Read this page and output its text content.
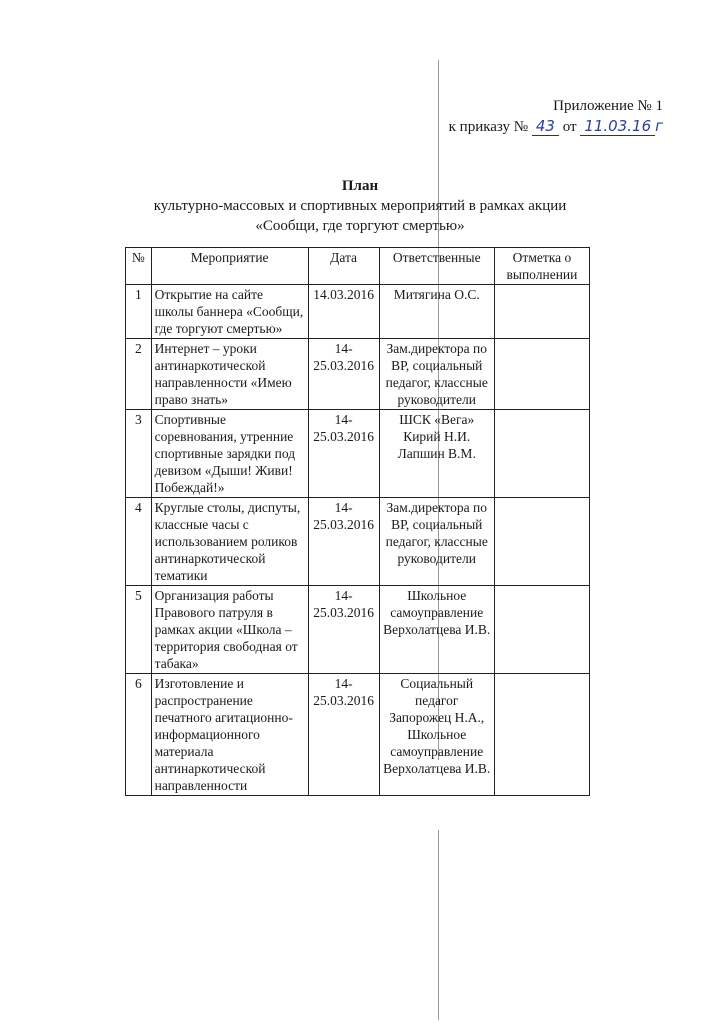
Приложение № 1
к приказу № 43 от 11.03.16 г
План
культурно-массовых и спортивных мероприятий в рамках акции
«Сообщи, где торгуют смертью»
№	Мероприятие	Дата	Ответственные	Отметка о выполнении
1	Открытие на сайте школы баннера «Сообщи, где торгуют смертью»	14.03.2016	Митягина О.С.	
2	Интернет – уроки антинаркотической направленности «Имею право знать»	14-25.03.2016	Зам.директора по ВР, социальный педагог, классные руководители	
3	Спортивные соревнования, утренние спортивные зарядки под девизом «Дыши! Живи! Побеждай!»	14-25.03.2016	ШСК «Вега» Кирий Н.И. Лапшин В.М.	
4	Круглые столы, диспуты, классные часы с использованием роликов антинаркотической тематики	14-25.03.2016	Зам.директора по ВР, социальный педагог, классные руководители	
5	Организация работы Правового патруля в рамках акции «Школа – территория свободная от табака»	14-25.03.2016	Школьное самоуправление Верхолатцева И.В.	
6	Изготовление и распространение печатного агитационно-информационного материала антинаркотической направленности	14-25.03.2016	Социальный педагог Запорожец Н.А., Школьное самоуправление Верхолатцева И.В.	
